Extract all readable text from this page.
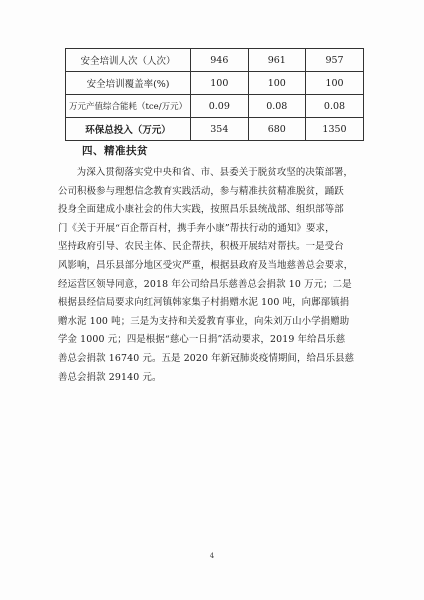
安全培训人次（人次）	946	961	957
安全培训覆盖率(%)	100	100	100
万元产值综合能耗（tce/万元）	0.09	0.08	0.08
环保总投入（万元）	354	680	1350
四、精准扶贫

为深入贯彻落实党中央和省、市、县委关于脱贫攻坚的决策部署，
公司积极参与理想信念教育实践活动，参与精准扶贫精准脱贫，踊跃
投身全面建成小康社会的伟大实践，按照昌乐县统战部、组织部等部
门《关于开展“百企帮百村，携手奔小康”帮扶行动的通知》要求，
坚持政府引导、农民主体、民企帮扶，积极开展结对帮扶。一是受台
风影响，昌乐县部分地区受灾严重，根据县政府及当地慈善总会要求，
经运营区领导同意，2018 年公司给昌乐慈善总会捐款 10 万元；二是
根据县经信局要求向红河镇韩家集子村捐赠水泥 100 吨，向鄌郚镇捐
赠水泥 100 吨；三是为支持和关爱教育事业，向朱刘万山小学捐赠助
学金 1000 元；四是根据“慈心一日捐”活动要求，2019 年给昌乐慈
善总会捐款 16740 元。五是 2020 年新冠肺炎疫情期间，给昌乐县慈
善总会捐款 29140 元。

4
